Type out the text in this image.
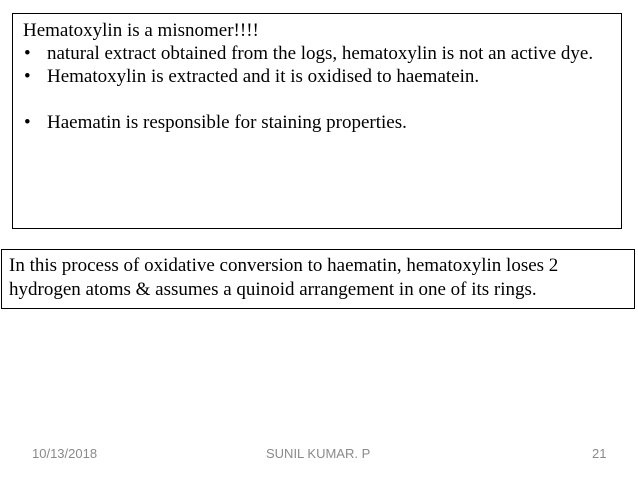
Hematoxylin is a misnomer!!!!

• natural extract obtained from the logs, hematoxylin is not an active dye.
• Hematoxylin is extracted and it is oxidised to haematein.
• Haematin is responsible for staining properties.
In this process of oxidative conversion to haematin, hematoxylin loses 2 hydrogen atoms & assumes a quinoid arrangement in one of its rings.
10/13/2018	SUNIL KUMAR. P	21
